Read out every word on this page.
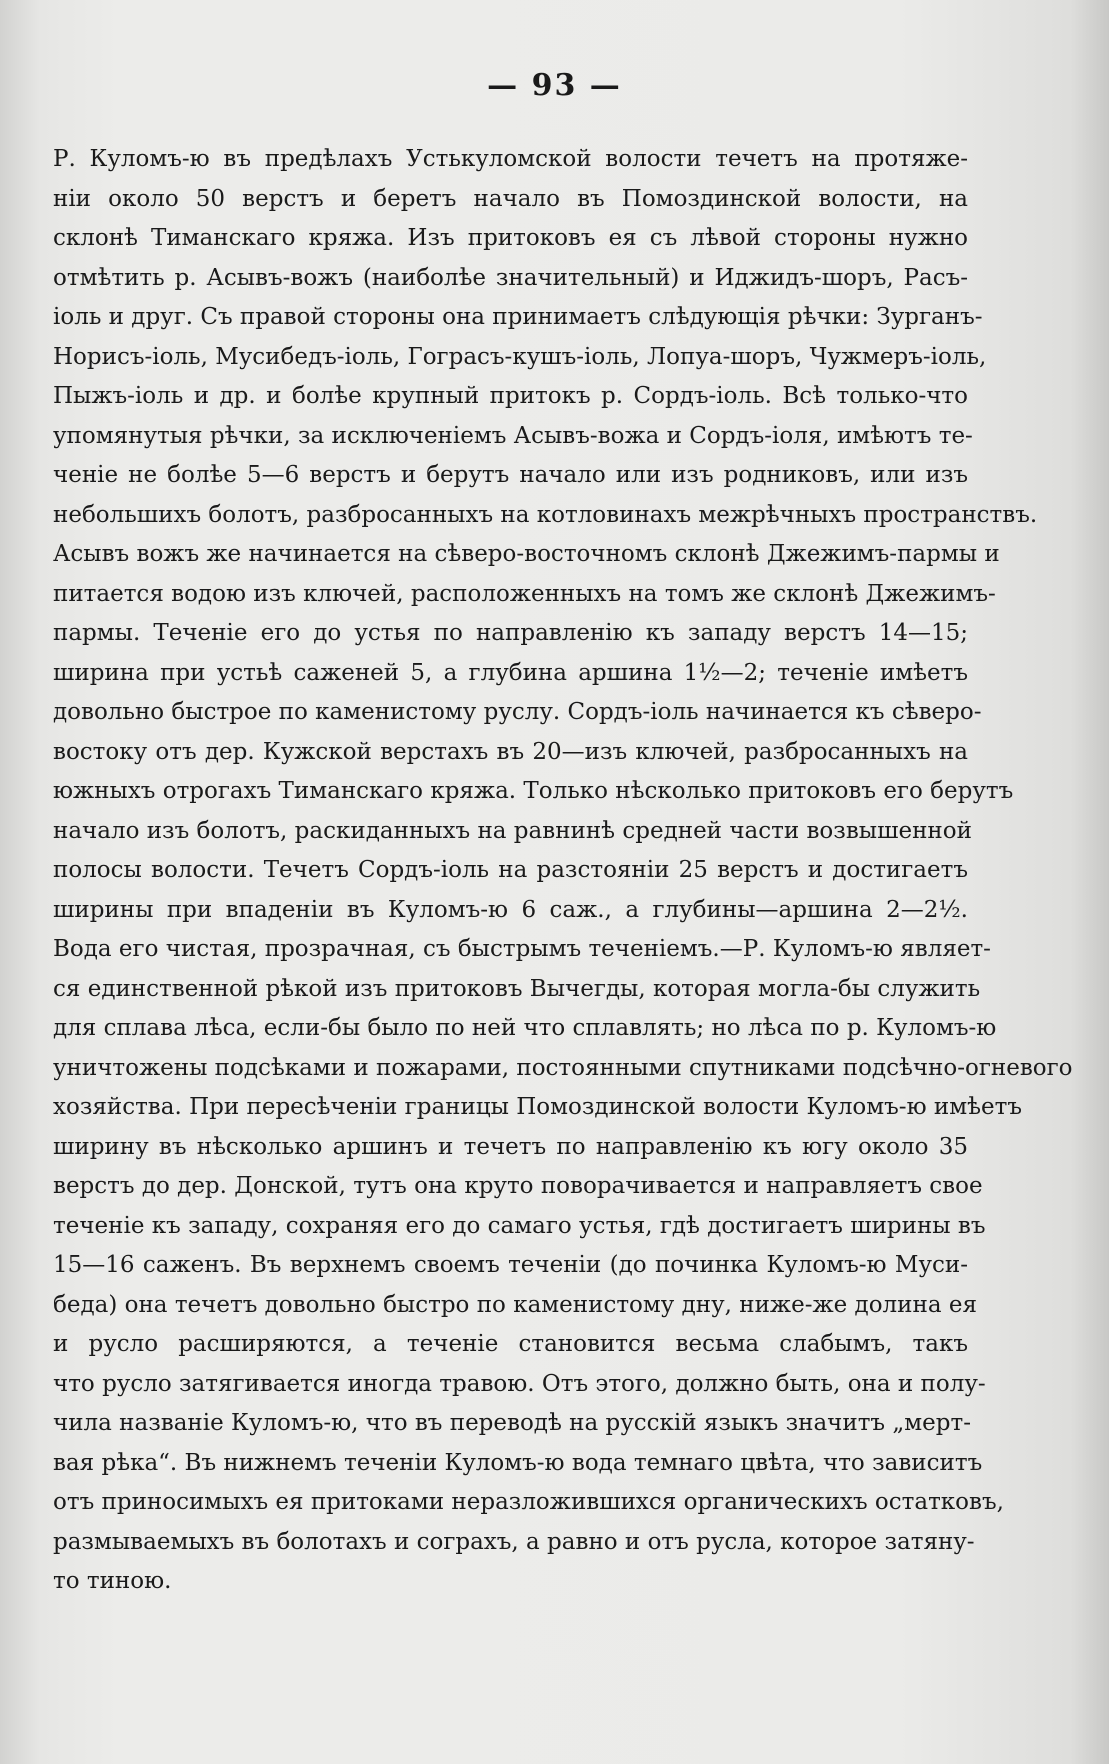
— 93 —
Р. Куломъ-ю въ предѣлахъ Устькуломской волости течетъ на протяже-
ніи около 50 верстъ и беретъ начало въ Помоздинской волости, на
склонѣ Тиманскаго кряжа. Изъ притоковъ ея съ лѣвой стороны нужно
отмѣтить р. Асывъ-вожъ (наиболѣе значительный) и Иджидъ-шоръ, Расъ-
іоль и друг. Съ правой стороны она принимаетъ слѣдующія рѣчки: Зурганъ-
Норисъ-іоль, Мусибедъ-іоль, Гограсъ-кушъ-іоль, Лопуа-шоръ, Чужмеръ-іоль,
Пыжъ-іоль и др. и болѣе крупный притокъ р. Сордъ-іоль. Всѣ только-что
упомянутыя рѣчки, за исключеніемъ Асывъ-вожа и Сордъ-іоля, имѣютъ те-
ченіе не болѣе 5—6 верстъ и берутъ начало или изъ родниковъ, или изъ
небольшихъ болотъ, разбросанныхъ на котловинахъ межрѣчныхъ пространствъ.
Асывъ вожъ же начинается на сѣверо-восточномъ склонѣ Джежимъ-пармы и
питается водою изъ ключей, расположенныхъ на томъ же склонѣ Джежимъ-
пармы. Теченіе его до устья по направленію къ западу верстъ 14—15;
ширина при устьѣ саженей 5, а глубина аршина 1½—2; теченіе имѣетъ
довольно быстрое по каменистому руслу. Сордъ-іоль начинается къ сѣверо-
востоку отъ дер. Кужской верстахъ въ 20—изъ ключей, разбросанныхъ на
южныхъ отрогахъ Тиманскаго кряжа. Только нѣсколько притоковъ его берутъ
начало изъ болотъ, раскиданныхъ на равнинѣ средней части возвышенной
полосы волости. Течетъ Сордъ-іоль на разстояніи 25 верстъ и достигаетъ
ширины при впаденіи въ Куломъ-ю 6 саж., а глубины—аршина 2—2½.
Вода его чистая, прозрачная, съ быстрымъ теченіемъ.—Р. Куломъ-ю являет-
ся единственной рѣкой изъ притоковъ Вычегды, которая могла-бы служить
для сплава лѣса, если-бы было по ней что сплавлять; но лѣса по р. Куломъ-ю
уничтожены подсѣками и пожарами, постоянными спутниками подсѣчно-огневого
хозяйства. При пересѣченіи границы Помоздинской волости Куломъ-ю имѣетъ
ширину въ нѣсколько аршинъ и течетъ по направленію къ югу около 35
верстъ до дер. Донской, тутъ она круто поворачивается и направляетъ свое
теченіе къ западу, сохраняя его до самаго устья, гдѣ достигаетъ ширины въ
15—16 саженъ. Въ верхнемъ своемъ теченіи (до починка Куломъ-ю Муси-
беда) она течетъ довольно быстро по каменистому дну, ниже-же долина ея
и русло расширяются, а теченіе становится весьма слабымъ, такъ
что русло затягивается иногда травою. Отъ этого, должно быть, она и полу-
чила названіе Куломъ-ю, что въ переводѣ на русскій языкъ значитъ „мерт-
вая рѣка“. Въ нижнемъ теченіи Куломъ-ю вода темнаго цвѣта, что зависитъ
отъ приносимыхъ ея притоками неразложившихся органическихъ остатковъ,
размываемыхъ въ болотахъ и сограхъ, а равно и отъ русла, которое затяну-
то тиною.
